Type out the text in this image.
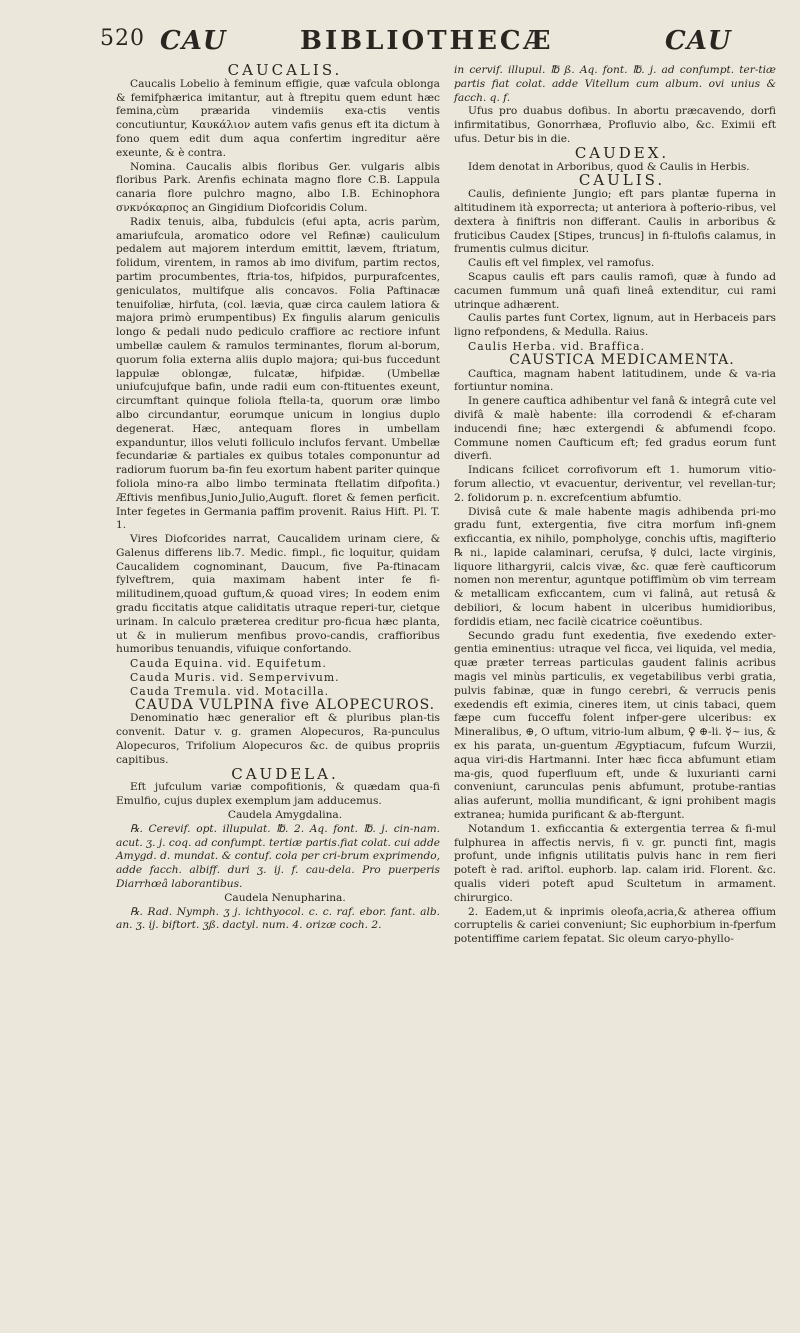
520 CAU	BIBLIOTHECÆ	CAU

CAUCALIS.

Caucalis Lobelio à feminum effigie, quæ vafcula oblonga & femifphærica imitantur, aut à ftrepitu quem edunt hæc femina,cùm præarida vindemiis exa-ctis ventis concutiuntur, Καυκάλιον autem vafis genus eft ita dictum à fono quem edit dum aqua confertim ingreditur aëre exeunte, & è contra.

Nomina. Caucalis albis floribus Ger. vulgaris albis floribus Park. Arenfis echinata magno flore C.B. Lappula canaria flore pulchro magno, albo I.B. Echinophora σνκνόκαρπος an Gingidium Diofcoridis Colum.

Radix tenuis, alba, fubdulcis (efui apta, acris parùm, amariufcula, aromatico odore vel Refinæ) cauliculum pedalem aut majorem interdum emittit, lævem, ftriatum, folidum, virentem, in ramos ab imo divifum, partim rectos, partim procumbentes, ftria-tos, hifpidos, purpurafcentes, geniculatos, multifque alis concavos. Folia Paftinacæ tenuifoliæ, hirfuta, (col. lævia, quæ circa caulem latiora & majora primò erumpentibus) Ex fingulis alarum geniculis longo & pedali nudo pediculo craffiore ac rectiore infunt umbellæ caulem & ramulos terminantes, florum al-borum, quorum folia externa aliis duplo majora; qui-bus fuccedunt lappulæ oblongæ, fulcatæ, hifpidæ. (Umbellæ uniufcujufque bafin, unde radii eum con-ftituentes exeunt, circumftant quinque foliola ftella-ta, quorum oræ limbo albo circundantur, eorumque unicum in longius duplo degenerat. Hæc, antequam flores in umbellam expanduntur, illos veluti folliculo inclufos fervant. Umbellæ fecundariæ & partiales ex quibus totales componuntur ad radiorum fuorum ba-fin feu exortum habent pariter quinque foliola mino-ra albo limbo terminata ftellatim difpofita.) Æftivis menfibus,Junio,Julio,Auguft. floret & femen perficit. Inter fegetes in Germania paffim provenit. Raius Hift. Pl. T. 1.

Vires Diofcorides narrat, Caucalidem urinam ciere, & Galenus differens lib.7. Medic. fimpl., fic loquitur, quidam Caucalidem cognominant, Daucum, five Pa-ftinacam fylveftrem, quia maximam habent inter fe fi-militudinem,quoad guftum,& quoad vires; In eodem enim gradu ficcitatis atque caliditatis utraque reperi-tur, cietque urinam. In calculo præterea creditur pro-ficua hæc planta, ut & in mulierum menfibus provo-candis, craffioribus humoribus tenuandis, vifuique confortando.

Cauda Equina. vid. Equifetum.

Cauda Muris. vid. Sempervivum.

Cauda Tremula. vid. Motacilla.

CAUDA VULPINA five ALOPECUROS.

Denominatio hæc generalior eft & pluribus plan-tis convenit. Datur v. g. gramen Alopecuros, Ra-punculus Alopecuros, Trifolium Alopecuros &c. de quibus propriis capitibus.

CAUDELA.

Eft jufculum variæ compofitionis, & quædam qua-fi Emulfio, cujus duplex exemplum jam adducemus.

Caudela Amygdalina.

℞. Cerevif. opt. illupulat. ℔. 2. Aq. font. ℔. j. cin-nam. acut. ʒ. j. coq. ad confumpt. tertiæ partis.fiat colat. cui adde Amygd. d. mundat. & contuf. cola per cri-brum exprimendo, adde facch. albiff. duri ʒ. ij. f. cau-dela. Pro puerperis Diarrhœâ laborantibus.

Caudela Nenupharina.

℞. Rad. Nymph. ʒ j. ichthyocol. c. c. raf. ebor. fant. alb. an. ʒ. ij. biftort. ʒß. dactyl. num. 4. orizæ coch. 2.

in cervif. illupul. ℔ ß. Aq. font. ℔. j. ad confumpt. ter-tiæ partis fiat colat. adde Vitellum cum album. ovi unius & facch. q. f.

Ufus pro duabus dofibus. In abortu præcavendo, dorfi infirmitatibus, Gonorrhæa, Profluvio albo, &c. Eximii eft ufus. Detur bis in die.

CAUDEX.

Idem denotat in Arboribus, quod & Caulis in Herbis.

CAULIS.

Caulis, definiente Jungio; eft pars plantæ fuperna in altitudinem ità exporrecta; ut anteriora à pofterio-ribus, vel dextera à finiftris non differant. Caulis in arboribus & fruticibus Caudex [Stipes, truncus] in fi-ftulofis calamus, in frumentis culmus dicitur.

Caulis eft vel fimplex, vel ramofus.

Scapus caulis eft pars caulis ramofi, quæ à fundo ad cacumen fummum unâ quafi lineâ extenditur, cui rami utrinque adhærent.

Caulis partes funt Cortex, lignum, aut in Herbaceis pars ligno refpondens, & Medulla. Raius.

Caulis Herba. vid. Braffica.

CAUSTICA MEDICAMENTA.

Cauftica, magnam habent latitudinem, unde & va-ria fortiuntur nomina.

In genere cauftica adhibentur vel fanâ & integrâ cute vel divifâ & malè habente: illa corrodendi & ef-charam inducendi fine; hæc extergendi & abfumendi fcopo. Commune nomen Caufticum eft; fed gradus eorum funt diverfi.

Indicans fcilicet corrofivorum eft 1. humorum vitio-forum allectio, vt evacuentur, deriventur, vel revellan-tur; 2. folidorum p. n. excrefcentium abfumtio.

Divisâ cute & male habente magis adhibenda pri-mo gradu funt, extergentia, five citra morfum infi-gnem exficcantia, ex nihilo, pompholyge, conchis uftis, magifterio ℞ ni., lapide calaminari, cerufsa, ☿ dulci, lacte virginis, liquore lithargyrii, calcis vivæ, &c. quæ ferè caufticorum nomen non merentur, aguntque potiffimùm ob vim terream & metallicam exficcantem, cum vi falinâ, aut retusâ & debiliori, & locum habent in ulceribus humidioribus, fordidis etiam, nec facilè cicatrice coëuntibus.

Secundo gradu funt exedentia, five exedendo exter-gentia eminentius: utraque vel ficca, vei liquida, vel media, quæ præter terreas particulas gaudent falinis acribus magis vel minùs particulis, ex vegetabilibus verbi gratia, pulvis fabinæ, quæ in fungo cerebri, & verrucis penis exedendis eft eximia, cineres item, ut cinis tabaci, quem fæpe cum fucceffu folent infper-gere ulceribus: ex Mineralibus, ⊕, O uftum, vitrio-lum album, ♀ ⊕-li. ☿~ ius, & ex his parata, un-guentum Ægyptiacum, fufcum Wurzii, aqua viri-dis Hartmanni. Inter hæc ficca abfumunt etiam ma-gis, quod fuperfluum eft, unde & luxurianti carni conveniunt, carunculas penis abfumunt, protube-rantias alias auferunt, mollia mundificant, & igni prohibent magis extranea; humida purificant & ab-ftergunt.

Notandum 1. exficcantia & extergentia terrea & fi-mul fulphurea in affectis nervis, fi v. gr. puncti fint, magis profunt, unde infignis utilitatis pulvis hanc in rem fieri poteft è rad. ariftol. euphorb. lap. calam irid. Florent. &c. qualis videri poteft apud Scultetum in armament. chirurgico.

2. Eadem,ut & inprimis oleofa,acria,& atherea offium corruptelis & cariei conveniunt; Sic euphorbium in-fperfum potentiffime cariem fepatat. Sic oleum caryo-phyllo-
